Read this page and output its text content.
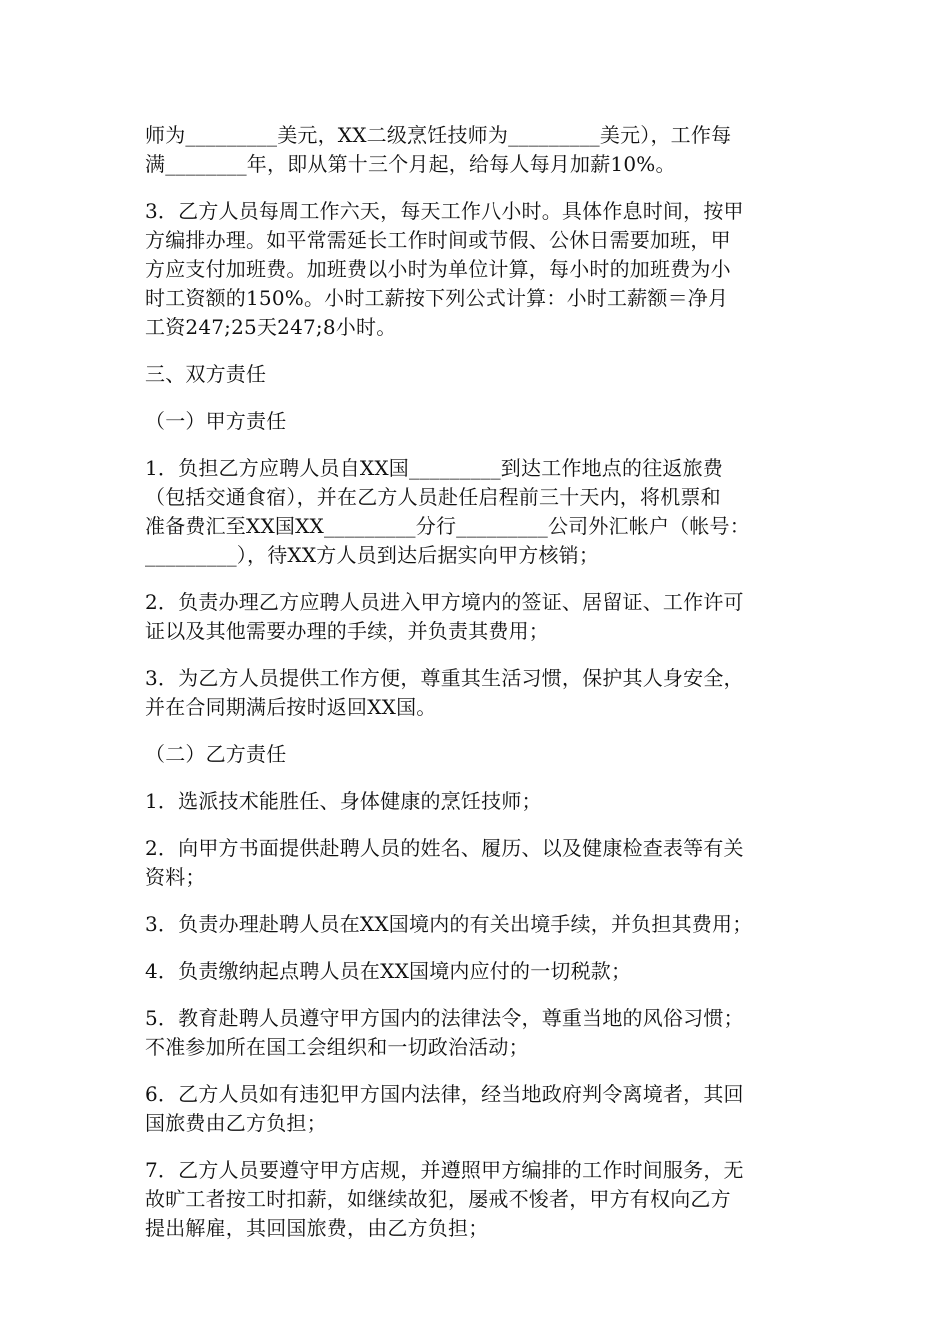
师为_________美元，XX二级烹饪技师为_________美元），工作每
满________年，即从第十三个月起，给每人每月加薪10%。

3．乙方人员每周工作六天，每天工作八小时。具体作息时间，按甲
方编排办理。如平常需延长工作时间或节假、公休日需要加班，甲
方应支付加班费。加班费以小时为单位计算，每小时的加班费为小
时工资额的150%。小时工薪按下列公式计算：小时工薪额＝净月
工资247;25天247;8小时。

三、双方责任

（一）甲方责任

1．负担乙方应聘人员自XX国_________到达工作地点的往返旅费
（包括交通食宿），并在乙方人员赴任启程前三十天内，将机票和
准备费汇至XX国XX_________分行_________公司外汇帐户（帐号：
_________），待XX方人员到达后据实向甲方核销；

2．负责办理乙方应聘人员进入甲方境内的签证、居留证、工作许可
证以及其他需要办理的手续，并负责其费用；

3．为乙方人员提供工作方便，尊重其生活习惯，保护其人身安全，
并在合同期满后按时返回XX国。

（二）乙方责任

1．选派技术能胜任、身体健康的烹饪技师；

2．向甲方书面提供赴聘人员的姓名、履历、以及健康检查表等有关
资料；

3．负责办理赴聘人员在XX国境内的有关出境手续，并负担其费用；

4．负责缴纳起点聘人员在XX国境内应付的一切税款；

5．教育赴聘人员遵守甲方国内的法律法令，尊重当地的风俗习惯；
不准参加所在国工会组织和一切政治活动；

6．乙方人员如有违犯甲方国内法律，经当地政府判令离境者，其回
国旅费由乙方负担；

7．乙方人员要遵守甲方店规，并遵照甲方编排的工作时间服务，无
故旷工者按工时扣薪，如继续故犯，屡戒不悛者，甲方有权向乙方
提出解雇，其回国旅费，由乙方负担；
